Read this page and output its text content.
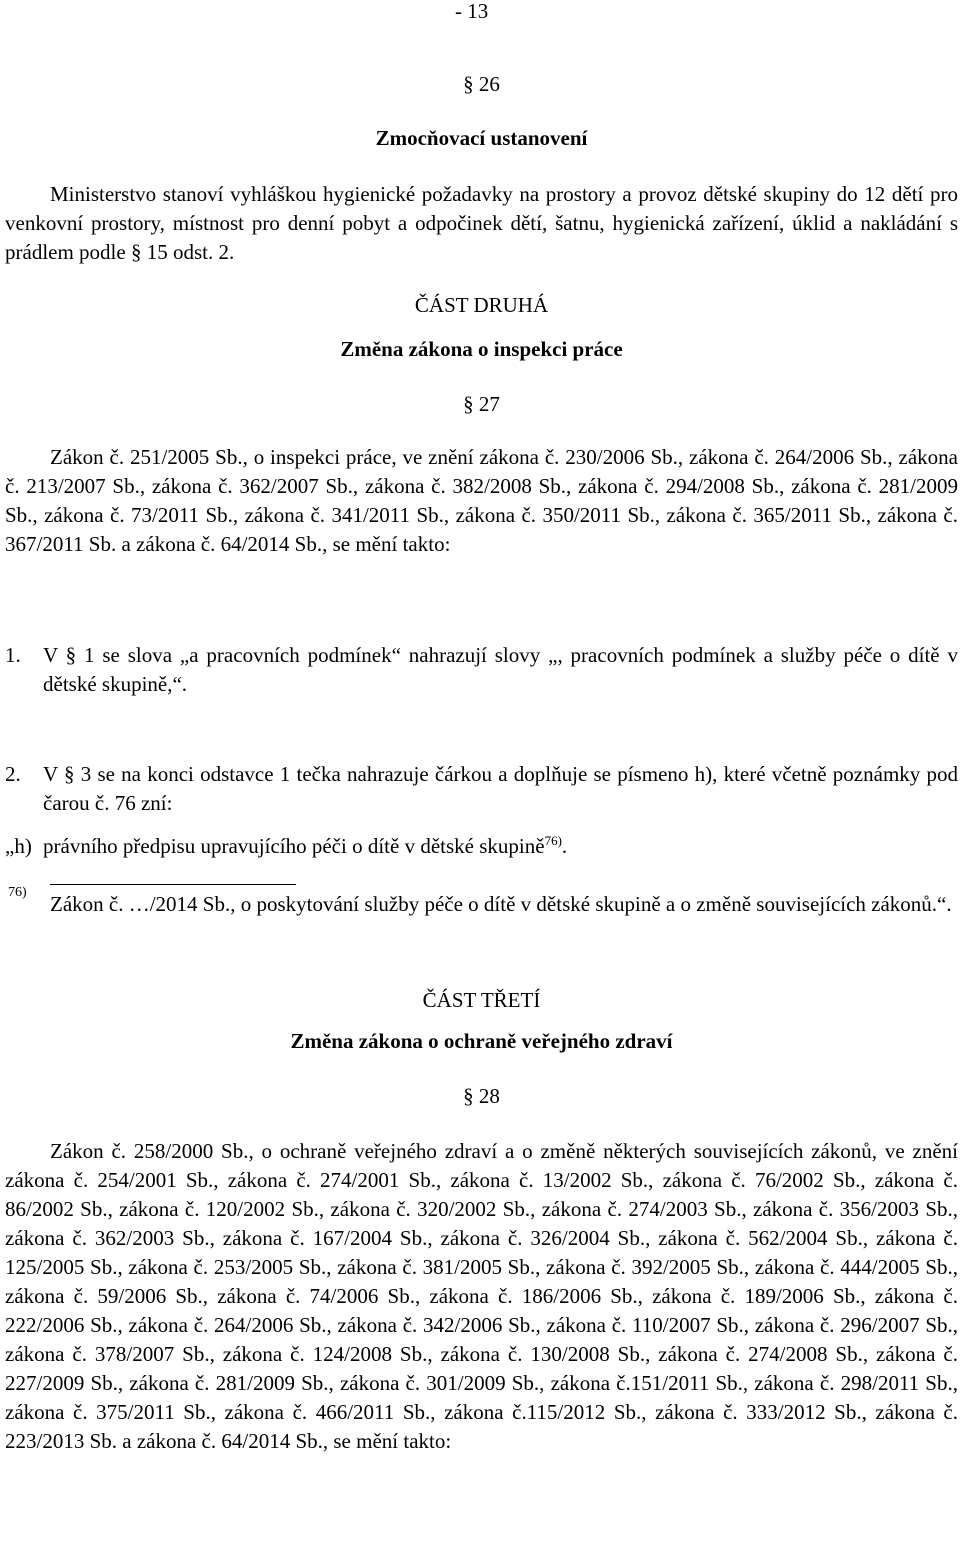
- 13
§ 26
Zmocňovací ustanovení

Ministerstvo stanoví vyhláškou hygienické požadavky na prostory a provoz dětské skupiny do 12 dětí pro venkovní prostory, místnost pro denní pobyt a odpočinek dětí, šatnu, hygienická zařízení, úklid a nakládání s prádlem podle § 15 odst. 2.

ČÁST DRUHÁ
Změna zákona o inspekci práce
§ 27

Zákon č. 251/2005 Sb., o inspekci práce, ve znění zákona č. 230/2006 Sb., zákona č. 264/2006 Sb., zákona č. 213/2007 Sb., zákona č. 362/2007 Sb., zákona č. 382/2008 Sb., zákona č. 294/2008 Sb., zákona č. 281/2009 Sb., zákona č. 73/2011 Sb., zákona č. 341/2011 Sb., zákona č. 350/2011 Sb., zákona č. 365/2011 Sb., zákona č. 367/2011 Sb. a zákona č. 64/2014 Sb., se mění takto:

1. V § 1 se slova „a pracovních podmínek“ nahrazují slovy „, pracovních podmínek a služby péče o dítě v dětské skupině,“.

2. V § 3 se na konci odstavce 1 tečka nahrazuje čárkou a doplňuje se písmeno h), které včetně poznámky pod čarou č. 76 zní:

„h) právního předpisu upravujícího péči o dítě v dětské skupině$^{76)}$.

76) Zákon č. …/2014 Sb., o poskytování služby péče o dítě v dětské skupině a o změně souvisejících zákonů.“.

ČÁST TŘETÍ
Změna zákona o ochraně veřejného zdraví
§ 28

Zákon č. 258/2000 Sb., o ochraně veřejného zdraví a o změně některých souvisejících zákonů, ve znění zákona č. 254/2001 Sb., zákona č. 274/2001 Sb., zákona č. 13/2002 Sb., zákona č. 76/2002 Sb., zákona č. 86/2002 Sb., zákona č. 120/2002 Sb., zákona č. 320/2002 Sb., zákona č. 274/2003 Sb., zákona č. 356/2003 Sb., zákona č. 362/2003 Sb., zákona č. 167/2004 Sb., zákona č. 326/2004 Sb., zákona č. 562/2004 Sb., zákona č. 125/2005 Sb., zákona č. 253/2005 Sb., zákona č. 381/2005 Sb., zákona č. 392/2005 Sb., zákona č. 444/2005 Sb., zákona č. 59/2006 Sb., zákona č. 74/2006 Sb., zákona č. 186/2006 Sb., zákona č. 189/2006 Sb., zákona č. 222/2006 Sb., zákona č. 264/2006 Sb., zákona č. 342/2006 Sb., zákona č. 110/2007 Sb., zákona č. 296/2007 Sb., zákona č. 378/2007 Sb., zákona č. 124/2008 Sb., zákona č. 130/2008 Sb., zákona č. 274/2008 Sb., zákona č. 227/2009 Sb., zákona č. 281/2009 Sb., zákona č. 301/2009 Sb., zákona č.151/2011 Sb., zákona č. 298/2011 Sb., zákona č. 375/2011 Sb., zákona č. 466/2011 Sb., zákona č.115/2012 Sb., zákona č. 333/2012 Sb., zákona č. 223/2013 Sb. a zákona č. 64/2014 Sb., se mění takto:
